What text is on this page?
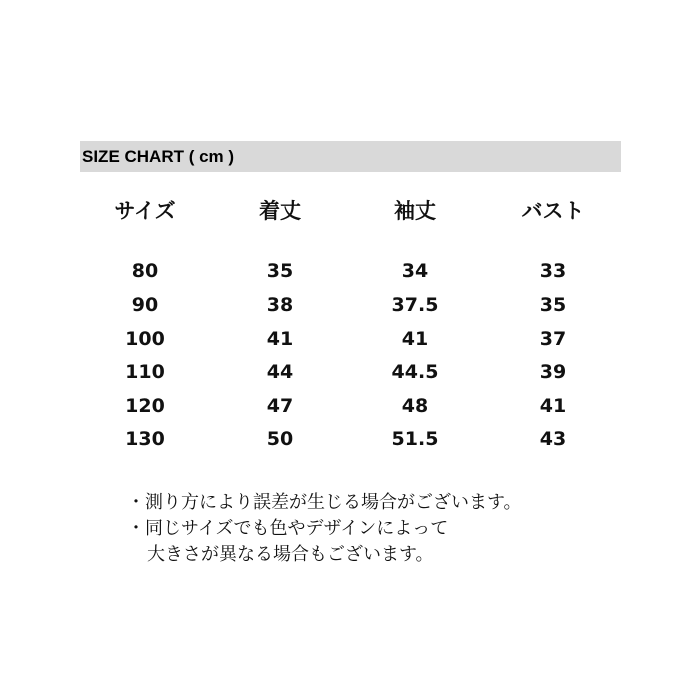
SIZE CHART ( cm )
サイズ	着丈	袖丈	バスト
80	35	34	33
90	38	37.5	35
100	41	41	37
110	44	44.5	39
120	47	48	41
130	50	51.5	43
・測り方により誤差が生じる場合がございます。
・同じサイズでも色やデザインによって
大きさが異なる場合もございます。
